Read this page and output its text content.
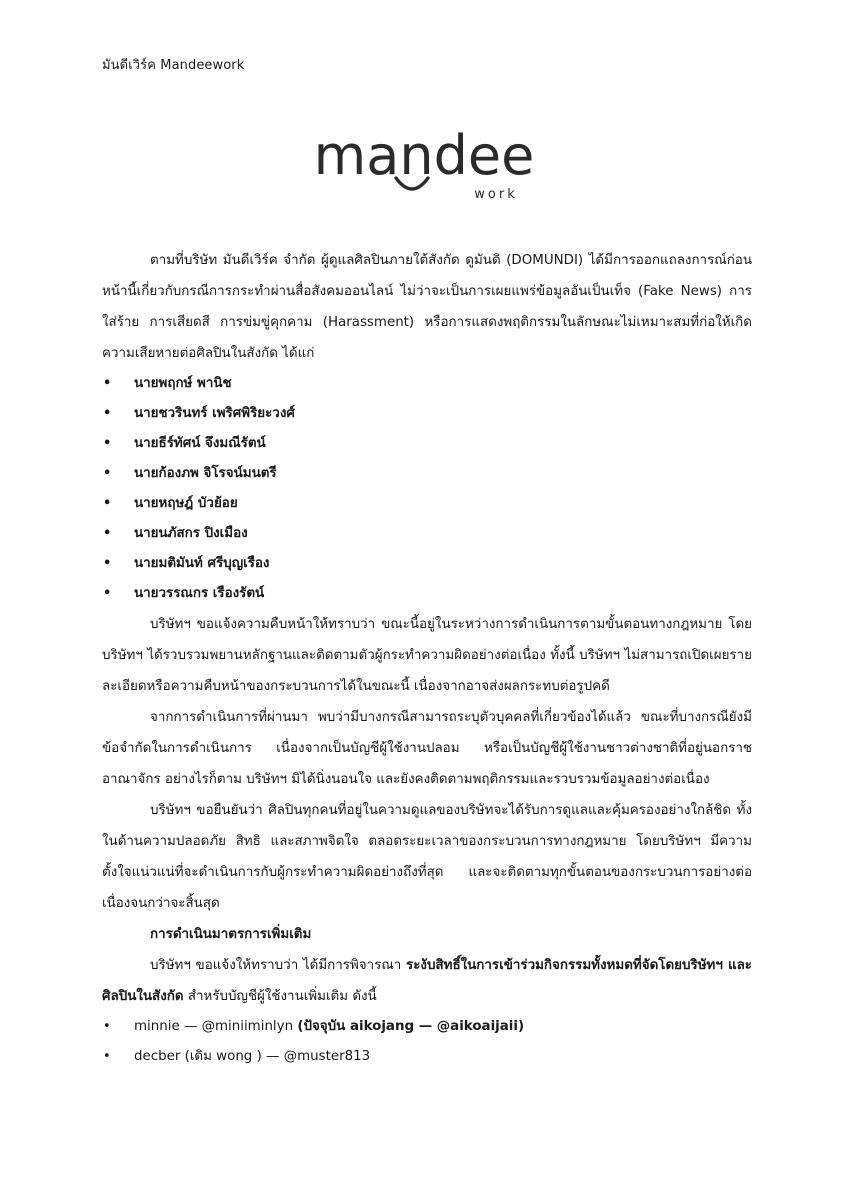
มันดีเวิร์ค Mandeework
mandee
work

ตามที่บริษัท มันดีเวิร์ค จำกัด ผู้ดูแลศิลปินภายใต้สังกัด ดูมันดิ (DOMUNDI) ได้มีการออกแถลงการณ์ก่อนหน้านี้เกี่ยวกับกรณีการกระทำผ่านสื่อสังคมออนไลน์ ไม่ว่าจะเป็นการเผยแพร่ข้อมูลอันเป็นเท็จ (Fake News) การใส่ร้าย การเสียดสี การข่มขู่คุกคาม (Harassment) หรือการแสดงพฤติกรรมในลักษณะไม่เหมาะสมที่ก่อให้เกิดความเสียหายต่อศิลปินในสังกัด ได้แก่

• นายพฤกษ์ พานิช
• นายชวรินทร์ เพริศพิริยะวงศ์
• นายธีร์ทัศน์ จึงมณีรัตน์
• นายก้องภพ จิโรจน์มนตรี
• นายหฤษฎ์ บัวย้อย
• นายนภัสกร ปิงเมือง
• นายมติมันท์ ศรีบุญเรือง
• นายวรรณกร เรืองรัตน์

บริษัทฯ ขอแจ้งความคืบหน้าให้ทราบว่า ขณะนี้อยู่ในระหว่างการดำเนินการตามขั้นตอนทางกฎหมาย โดยบริษัทฯ ได้รวบรวมพยานหลักฐานและติดตามตัวผู้กระทำความผิดอย่างต่อเนื่อง ทั้งนี้ บริษัทฯ ไม่สามารถเปิดเผยรายละเอียดหรือความคืบหน้าของกระบวนการได้ในขณะนี้ เนื่องจากอาจส่งผลกระทบต่อรูปคดี

จากการดำเนินการที่ผ่านมา พบว่ามีบางกรณีสามารถระบุตัวบุคคลที่เกี่ยวข้องได้แล้ว ขณะที่บางกรณียังมีข้อจำกัดในการดำเนินการ เนื่องจากเป็นบัญชีผู้ใช้งานปลอม หรือเป็นบัญชีผู้ใช้งานชาวต่างชาติที่อยู่นอกราชอาณาจักร อย่างไรก็ตาม บริษัทฯ มิได้นิ่งนอนใจ และยังคงติดตามพฤติกรรมและรวบรวมข้อมูลอย่างต่อเนื่อง

บริษัทฯ ขอยืนยันว่า ศิลปินทุกคนที่อยู่ในความดูแลของบริษัทจะได้รับการดูแลและคุ้มครองอย่างใกล้ชิด ทั้งในด้านความปลอดภัย สิทธิ และสภาพจิตใจ ตลอดระยะเวลาของกระบวนการทางกฎหมาย โดยบริษัทฯ มีความตั้งใจแน่วแน่ที่จะดำเนินการกับผู้กระทำความผิดอย่างถึงที่สุด และจะติดตามทุกขั้นตอนของกระบวนการอย่างต่อเนื่องจนกว่าจะสิ้นสุด

การดำเนินมาตรการเพิ่มเติม

บริษัทฯ ขอแจ้งให้ทราบว่า ได้มีการพิจารณา ระงับสิทธิ์ในการเข้าร่วมกิจกรรมทั้งหมดที่จัดโดยบริษัทฯ และศิลปินในสังกัด สำหรับบัญชีผู้ใช้งานเพิ่มเติม ดังนี้

• minnie — @miniiminlyn (ปัจจุบัน aikojang — @aikoaijaii)
• decber (เดิม wong ) — @muster813
